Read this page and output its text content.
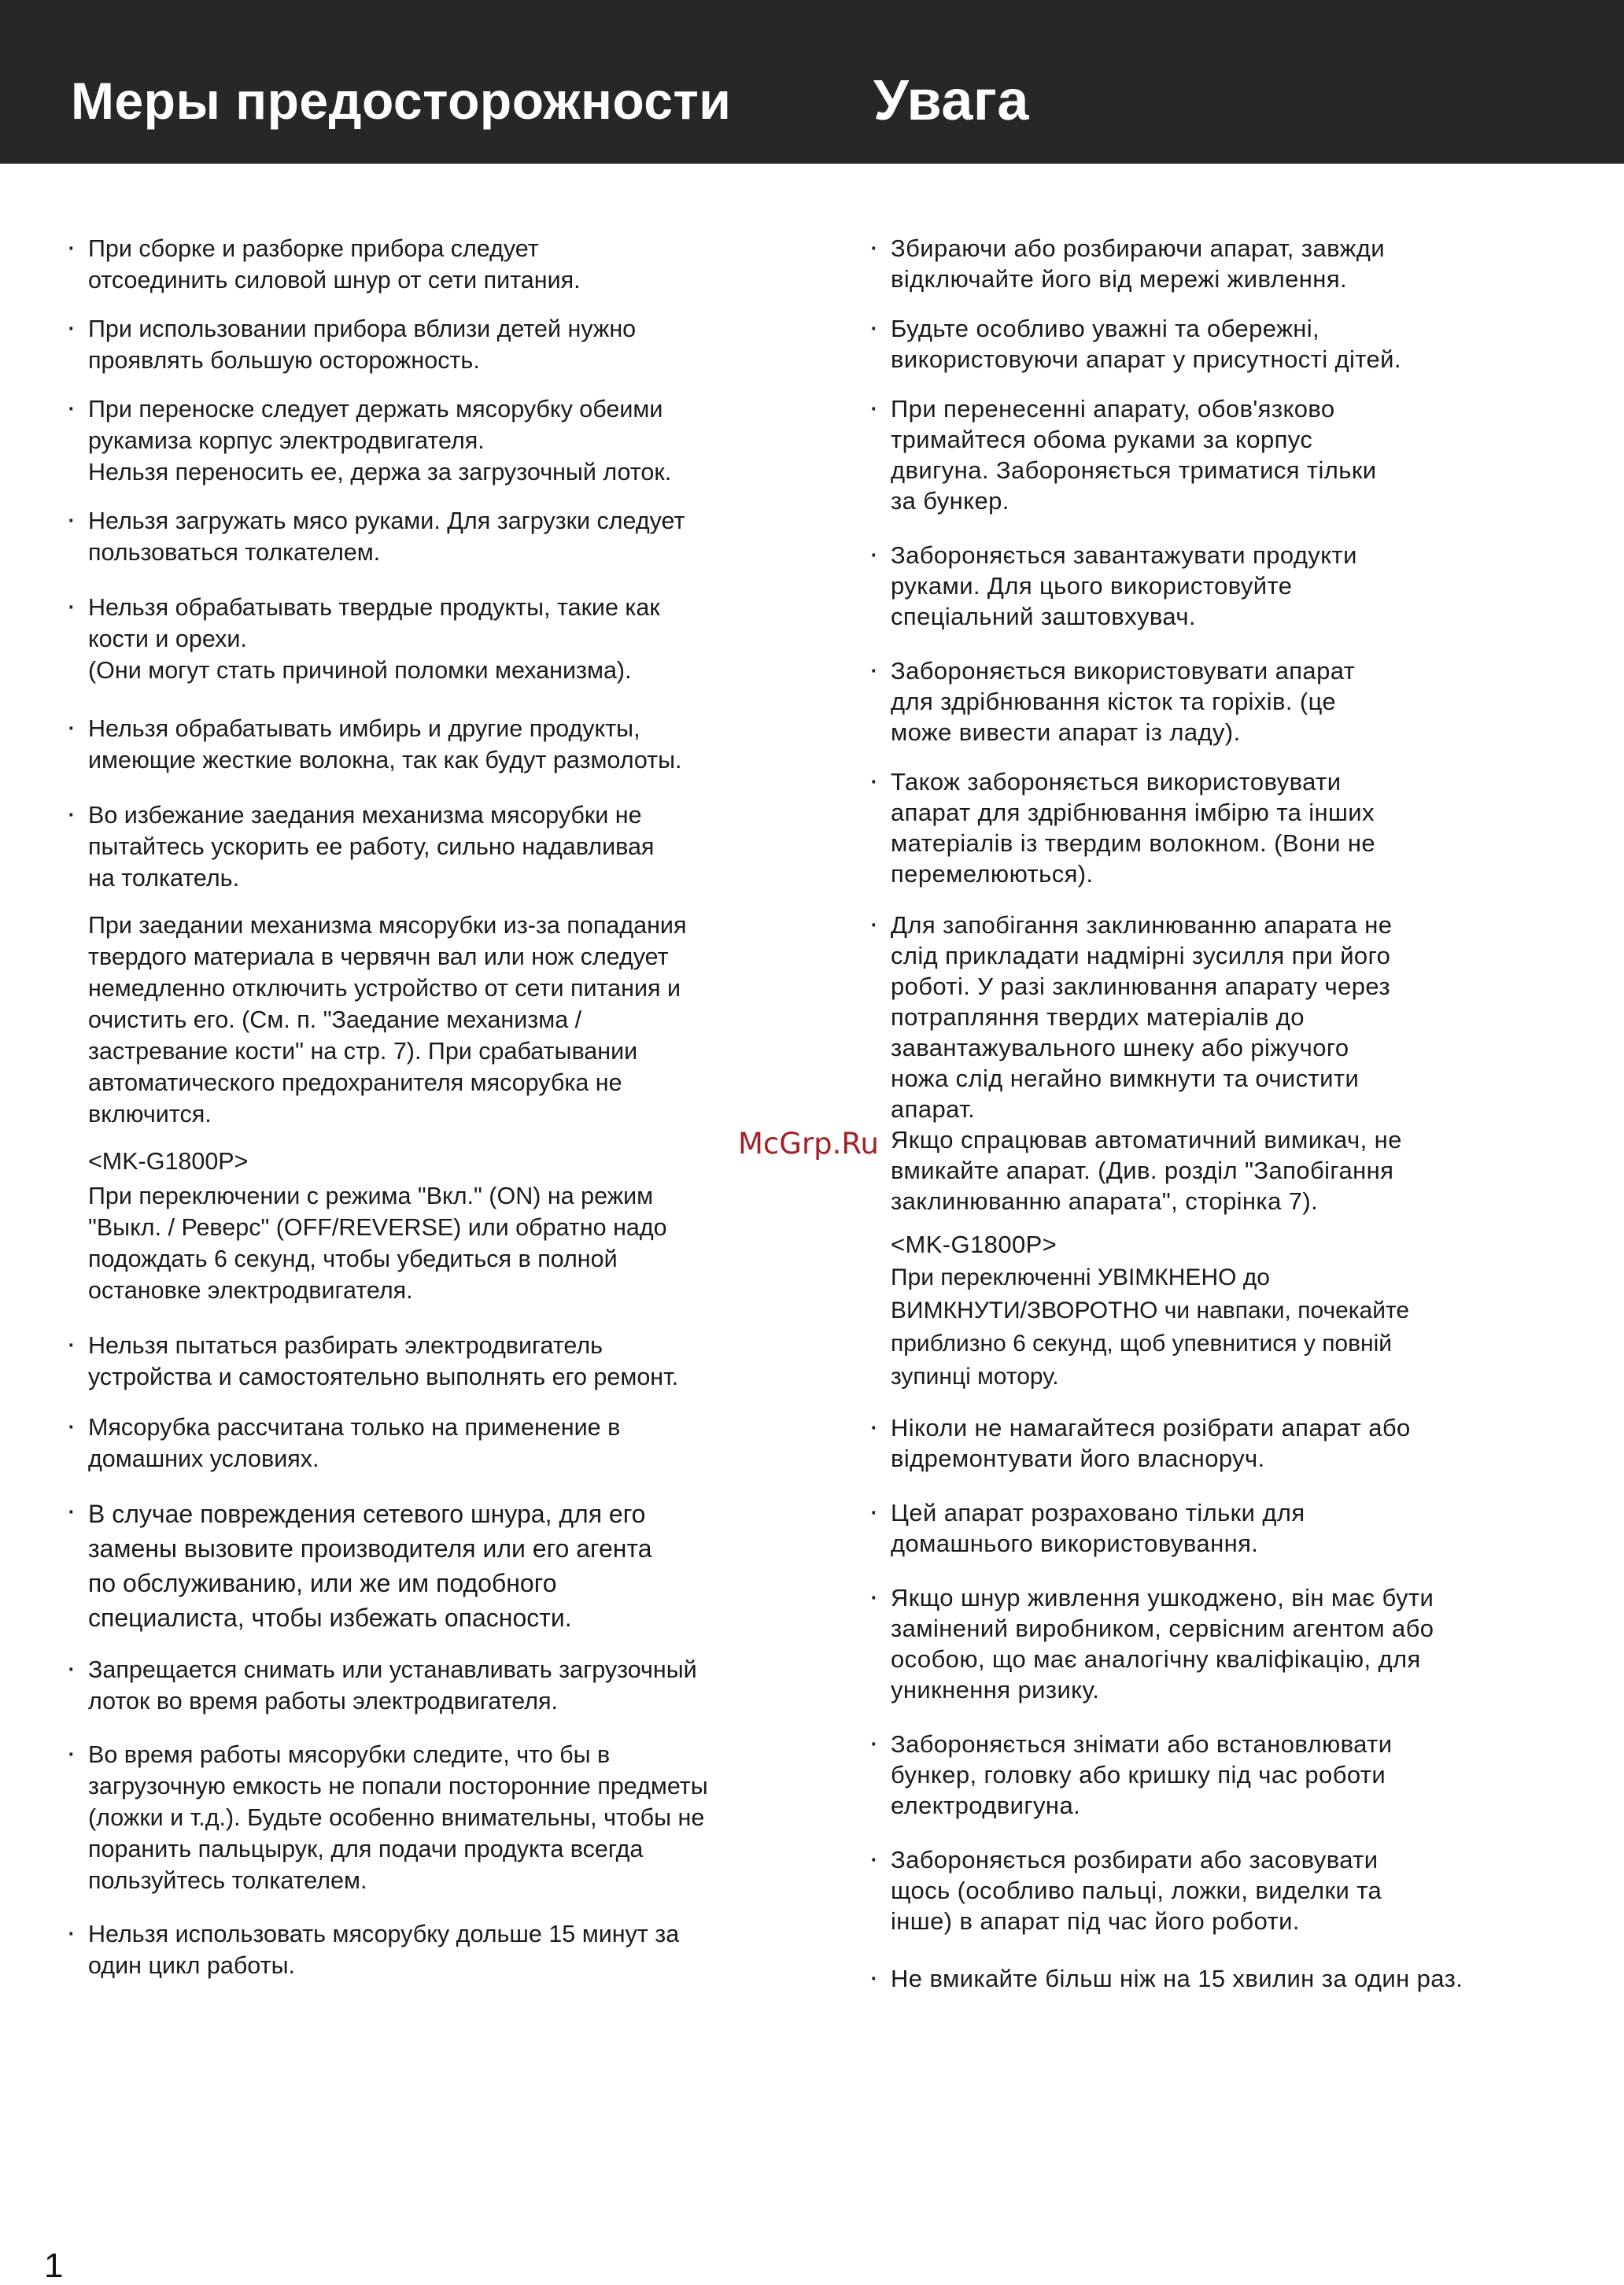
Меры предосторожности	Увага
· При сборке и разборке прибора следует
отсоединить силовой шнур от сети питания.
· При использовании прибора вблизи детей нужно
проявлять большую осторожность.
· При переноске следует держать мясорубку обеими
рукамиза корпус электродвигателя.
Нельзя переносить ее, держа за загрузочный лоток.
· Нельзя загружать мясо руками. Для загрузки следует
пользоваться толкателем.
· Нельзя обрабатывать твердые продукты, такие как
кости и орехи.
(Они могут стать причиной поломки механизма).
· Нельзя обрабатывать имбирь и другие продукты,
имеющие жесткие волокна, так как будут размолоты.
· Во избежание заедания механизма мясорубки не
пытайтесь ускорить ее работу, сильно надавливая
на толкатель.
При заедании механизма мясорубки из-за попадания
твердого материала в червячн вал или нож следует
немедленно отключить устройство от сети питания и
очистить его. (См. п. "Заедание механизма /
застревание кости" на стр. 7). При срабатывании
автоматического предохранителя мясорубка не
включится.
<MK-G1800P>
При переключении с режима "Вкл." (ON) на режим
"Выкл. / Реверс" (OFF/REVERSE) или обратно надо
подождать 6 секунд, чтобы убедиться в полной
остановке электродвигателя.
· Нельзя пытаться разбирать электродвигатель
устройства и самостоятельно выполнять его ремонт.
· Мясорубка рассчитана только на применение в
домашних условиях.
· В случае повреждения сетевого шнура, для его
замены вызовите производителя или его агента
по обслуживанию, или же им подобного
специалиста, чтобы избежать опасности.
· Запрещается снимать или устанавливать загрузочный
лоток во время работы электродвигателя.
· Во время работы мясорубки следите, что бы в
загрузочную емкость не попали посторонние предметы
(ложки и т.д.). Будьте особенно внимательны, чтобы не
поранить пальцырук, для подачи продукта всегда
пользуйтесь толкателем.
· Нельзя использовать мясорубку дольше 15 минут за
один цикл работы.
· Збираючи або розбираючи апарат, завжди
відключайте його від мережі живлення.
· Будьте особливо уважні та обережні,
використовуючи апарат у присутності дітей.
· При перенесенні апарату, обов'язково
тримайтеся обома руками за корпус
двигуна. Забороняється триматися тільки
за бункер.
· Забороняється завантажувати продукти
руками. Для цього використовуйте
спеціальний заштовхувач.
· Забороняється використовувати апарат
для здрібнювання кісток та горіхів. (це
може вивести апарат із ладу).
· Також забороняється використовувати
апарат для здрібнювання імбірю та інших
матеріалів із твердим волокном. (Вони не
перемелюються).
· Для запобігання заклинюванню апарата не
слід прикладати надмірні зусилля при його
роботі. У разі заклинювання апарату через
потрапляння твердих матеріалів до
завантажувального шнеку або ріжучого
ножа слід негайно вимкнути та очистити
апарат.
Якщо спрацював автоматичний вимикач, не
вмикайте апарат. (Див. розділ "Запобігання
заклинюванню апарата", сторінка 7).
<MK-G1800P>
При переключенні УВІМКНЕНО до
ВИМКНУТИ/ЗВОРОТНО чи навпаки, почекайте
приблизно 6 секунд, щоб упевнитися у повній
зупинці мотору.
· Ніколи не намагайтеся розібрати апарат або
відремонтувати його власноруч.
· Цей апарат розраховано тільки для
домашнього використовування.
· Якщо шнур живлення ушкоджено, він має бути
замінений виробником, сервісним агентом або
особою, що має аналогічну кваліфікацію, для
уникнення ризику.
· Забороняється знімати або встановлювати
бункер, головку або кришку під час роботи
електродвигуна.
· Забороняється розбирати або засовувати
щось (особливо пальці, ложки, виделки та
інше) в апарат під час його роботи.
· Не вмикайте більш ніж на 15 хвилин за один раз.
McGrp.Ru
1
